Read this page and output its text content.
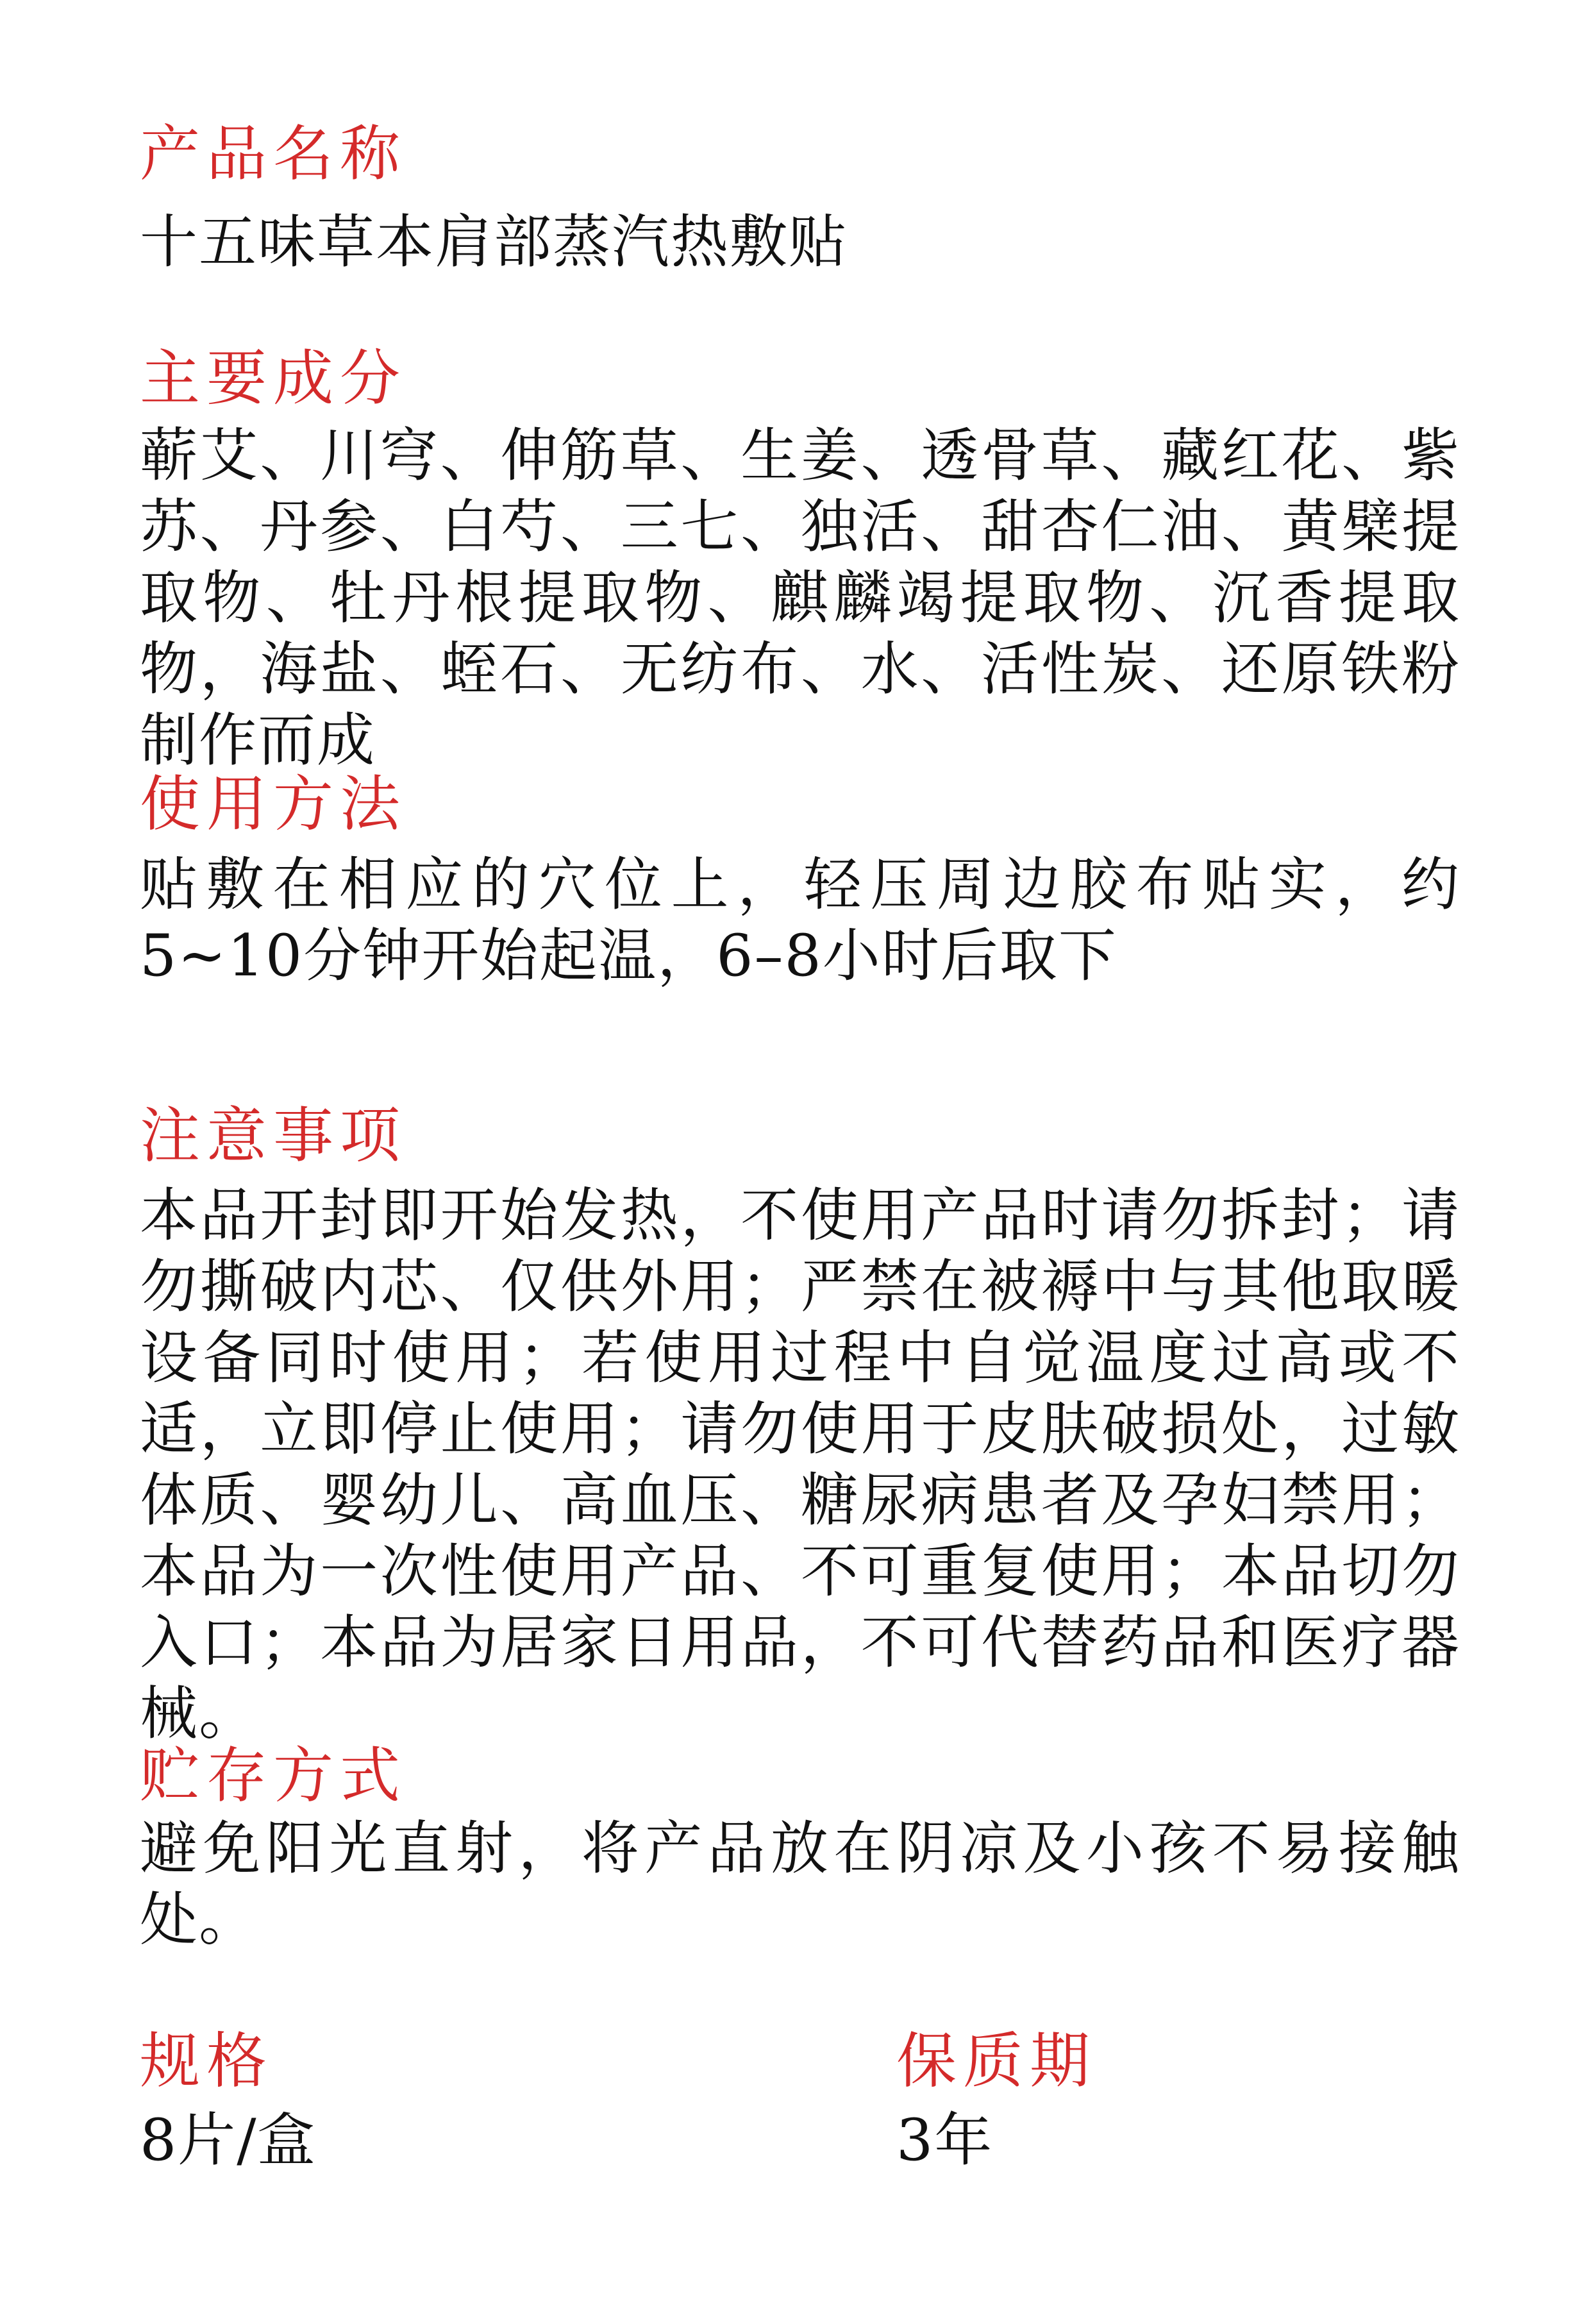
产品名称

十五味草本肩部蒸汽热敷贴

主要成分

蕲艾、川穹、伸筋草、生姜、透骨草、藏红花、紫苏、丹参、白芍、三七、独活、甜杏仁油、黄檗提取物、牡丹根提取物、麒麟竭提取物、沉香提取物，海盐、蛭石、无纺布、水、活性炭、还原铁粉制作而成

使用方法

贴敷在相应的穴位上，轻压周边胶布贴实，约5~10分钟开始起温，6–8小时后取下

注意事项

本品开封即开始发热，不使用产品时请勿拆封；请勿撕破内芯、仅供外用；严禁在被褥中与其他取暖设备同时使用；若使用过程中自觉温度过高或不适，立即停止使用；请勿使用于皮肤破损处，过敏体质、婴幼儿、高血压、糖尿病患者及孕妇禁用；本品为一次性使用产品、不可重复使用；本品切勿入口；本品为居家日用品，不可代替药品和医疗器械。

贮存方式

避免阳光直射，将产品放在阴凉及小孩不易接触处。

规格

8片/盒

保质期

3年
